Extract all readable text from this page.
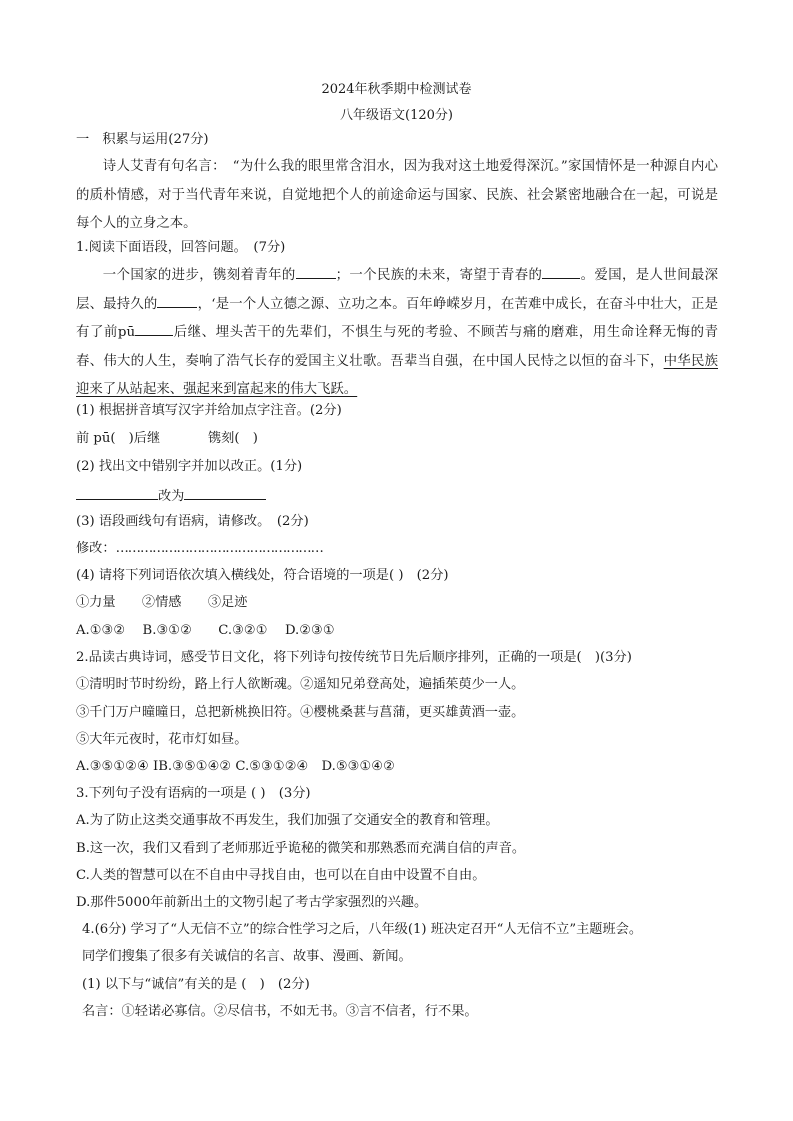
2024年秋季期中检测试卷
八年级语文(120分)
一　积累与运用(27分)
诗人艾青有句名言：　“为什么我的眼里常含泪水，因为我对这土地爱得深沉。”家国情怀是一种源自内心的质朴情感，对于当代青年来说，自觉地把个人的前途命运与国家、民族、社会紧密地融合在一起，可说是每个人的立身之本。
1.阅读下面语段，回答问题。　(7分)
一个国家的进步，镌刻着青年的	；一个民族的未来，寄望于青春的	。爱国，是人世间最深层、最持久的	，‘是一个人立德之源、立功之本。百年峥嵘岁月，在苦难中成长，在奋斗中壮大，正是有了前pū	后继、埋头苦干的先辈们，不惧生与死的考验、不顾苦与痛的磨难，用生命诠释无悔的青春、伟大的人生，奏响了浩气长存的爱国主义壮歌。吾辈当自强，在中国人民恃之以恒的奋斗下，中华民族迎来了从站起来、强起来到富起来的伟大飞跃。
(1) 根据拼音填写汉字并给加点字注音。(2分)
前 pū(　)后继	镌刻(　)
(2) 找出文中错别字并加以改正。(1分)
改为
(3) 语段画线句有语病，请修改。　(2分)
修改：……………………………………………
(4) 请将下列词语依次填入横线处，符合语境的一项是( )　(2分)
①力量　　②情感　　③足迹
A.①③②　 B.③①②　　C.③②①　 D.②③①
2.品读古典诗词，感受节日文化，将下列诗句按传统节日先后顺序排列，正确的一项是(　)(3分)
①清明时节时纷纷，路上行人欲断魂。②遥知兄弟登高处，遍插茱萸少一人。
③千门万户曈曈日，总把新桃换旧符。④樱桃桑葚与菖蒲，更买雄黄酒一壶。
⑤大年元夜时，花市灯如昼。
A.③⑤①②④ IB.③⑤①④② C.⑤③①②④　D.⑤③①④②
3.下列句子没有语病的一项是 ( )　(3分)
A.为了防止这类交通事故不再发生，我们加强了交通安全的教育和管理。
B.这一次，我们又看到了老师那近乎诡秘的微笑和那熟悉而充满自信的声音。
C.人类的智慧可以在不自由中寻找自由，也可以在自由中设置不自由。
D.那件5000年前新出土的文物引起了考古学家强烈的兴趣。
4.(6分) 学习了“人无信不立”的综合性学习之后，八年级(1) 班决定召开“人无信不立”主题班会。
同学们搜集了很多有关诚信的名言、故事、漫画、新闻。
(1) 以下与“诚信”有关的是 (　)　(2分)
名言：①轻诺必寡信。②尽信书，不如无书。③言不信者，行不果。
